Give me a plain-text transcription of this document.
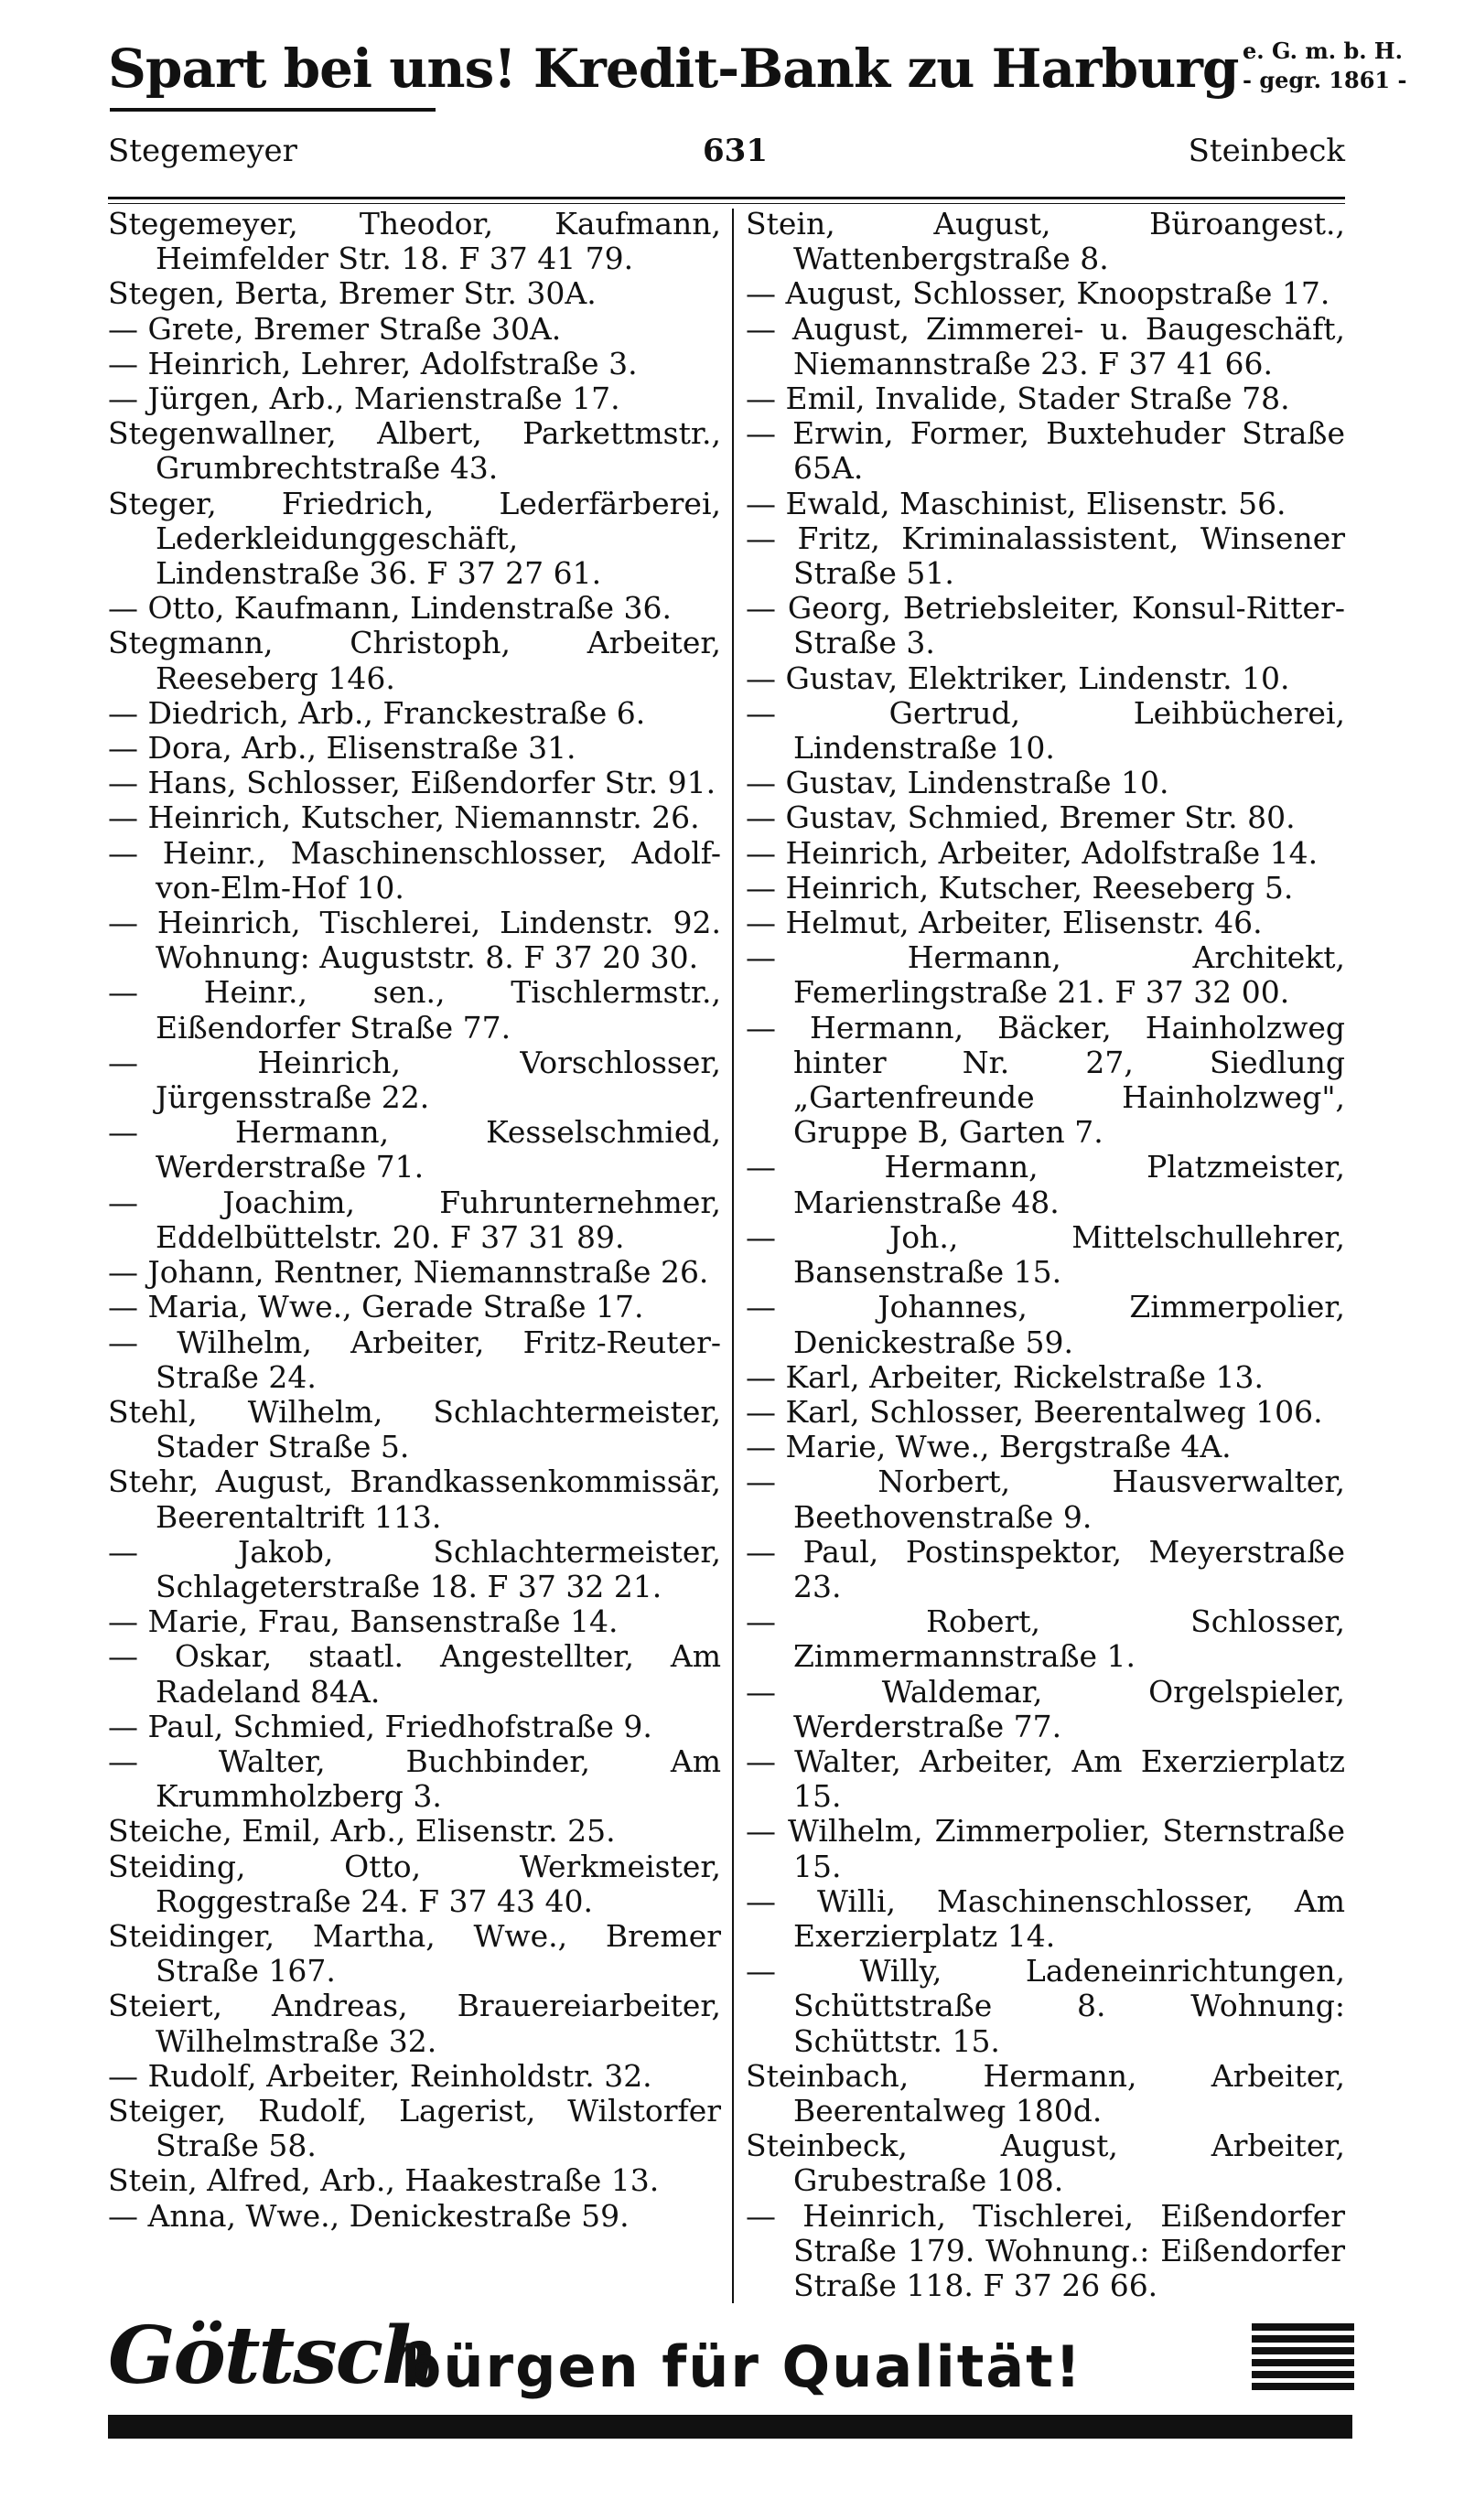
Spart bei uns! Kredit-Bank zu Harburg e. G. m. b. H.
- gegr. 1861 -
Stegemeyer	631	Steinbeck
Stegemeyer, Theodor, Kaufmann, Heimfelder Str. 18. F 37 41 79.
Stegen, Berta, Bremer Str. 30A.
— Grete, Bremer Straße 30A.
— Heinrich, Lehrer, Adolfstraße 3.
— Jürgen, Arb., Marienstraße 17.
Stegenwallner, Albert, Parkettmstr., Grumbrechtstraße 43.
Steger, Friedrich, Lederfärberei, Lederkleidunggeschäft, Lindenstraße 36. F 37 27 61.
— Otto, Kaufmann, Lindenstraße 36.
Stegmann, Christoph, Arbeiter, Reeseberg 146.
— Diedrich, Arb., Franckestraße 6.
— Dora, Arb., Elisenstraße 31.
— Hans, Schlosser, Eißendorfer Str. 91.
— Heinrich, Kutscher, Niemannstr. 26.
— Heinr., Maschinenschlosser, Adolf-von-Elm-Hof 10.
— Heinrich, Tischlerei, Lindenstr. 92. Wohnung: Auguststr. 8. F 37 20 30.
— Heinr., sen., Tischlermstr., Eißendorfer Straße 77.
— Heinrich, Vorschlosser, Jürgensstraße 22.
— Hermann, Kesselschmied, Werderstraße 71.
— Joachim, Fuhrunternehmer, Eddelbüttelstr. 20. F 37 31 89.
— Johann, Rentner, Niemannstraße 26.
— Maria, Wwe., Gerade Straße 17.
— Wilhelm, Arbeiter, Fritz-Reuter-Straße 24.
Stehl, Wilhelm, Schlachtermeister, Stader Straße 5.
Stehr, August, Brandkassenkommissär, Beerentaltrift 113.
— Jakob, Schlachtermeister, Schlageterstraße 18. F 37 32 21.
— Marie, Frau, Bansenstraße 14.
— Oskar, staatl. Angestellter, Am Radeland 84A.
— Paul, Schmied, Friedhofstraße 9.
— Walter, Buchbinder, Am Krummholzberg 3.
Steiche, Emil, Arb., Elisenstr. 25.
Steiding, Otto, Werkmeister, Roggestraße 24. F 37 43 40.
Steidinger, Martha, Wwe., Bremer Straße 167.
Steiert, Andreas, Brauereiarbeiter, Wilhelmstraße 32.
— Rudolf, Arbeiter, Reinholdstr. 32.
Steiger, Rudolf, Lagerist, Wilstorfer Straße 58.
Stein, Alfred, Arb., Haakestraße 13.
— Anna, Wwe., Denickestraße 59.
Stein, August, Büroangest., Wattenbergstraße 8.
— August, Schlosser, Knoopstraße 17.
— August, Zimmerei- u. Baugeschäft, Niemannstraße 23. F 37 41 66.
— Emil, Invalide, Stader Straße 78.
— Erwin, Former, Buxtehuder Straße 65A.
— Ewald, Maschinist, Elisenstr. 56.
— Fritz, Kriminalassistent, Winsener Straße 51.
— Georg, Betriebsleiter, Konsul-Ritter-Straße 3.
— Gustav, Elektriker, Lindenstr. 10.
— Gertrud, Leihbücherei, Lindenstraße 10.
— Gustav, Lindenstraße 10.
— Gustav, Schmied, Bremer Str. 80.
— Heinrich, Arbeiter, Adolfstraße 14.
— Heinrich, Kutscher, Reeseberg 5.
— Helmut, Arbeiter, Elisenstr. 46.
— Hermann, Architekt, Femerlingstraße 21. F 37 32 00.
— Hermann, Bäcker, Hainholzweg hinter Nr. 27, Siedlung „Gartenfreunde Hainholzweg", Gruppe B, Garten 7.
— Hermann, Platzmeister, Marienstraße 48.
— Joh., Mittelschullehrer, Bansenstraße 15.
— Johannes, Zimmerpolier, Denickestraße 59.
— Karl, Arbeiter, Rickelstraße 13.
— Karl, Schlosser, Beerentalweg 106.
— Marie, Wwe., Bergstraße 4A.
— Norbert, Hausverwalter, Beethovenstraße 9.
— Paul, Postinspektor, Meyerstraße 23.
— Robert, Schlosser, Zimmermannstraße 1.
— Waldemar, Orgelspieler, Werderstraße 77.
— Walter, Arbeiter, Am Exerzierplatz 15.
— Wilhelm, Zimmerpolier, Sternstraße 15.
— Willi, Maschinenschlosser, Am Exerzierplatz 14.
— Willy, Ladeneinrichtungen, Schüttstraße 8. Wohnung: Schüttstr. 15.
Steinbach, Hermann, Arbeiter, Beerentalweg 180d.
Steinbeck, August, Arbeiter, Grubestraße 108.
— Heinrich, Tischlerei, Eißendorfer Straße 179. Wohnung.: Eißendorfer Straße 118. F 37 26 66.
Göttsch
bürgen für Qualität!
